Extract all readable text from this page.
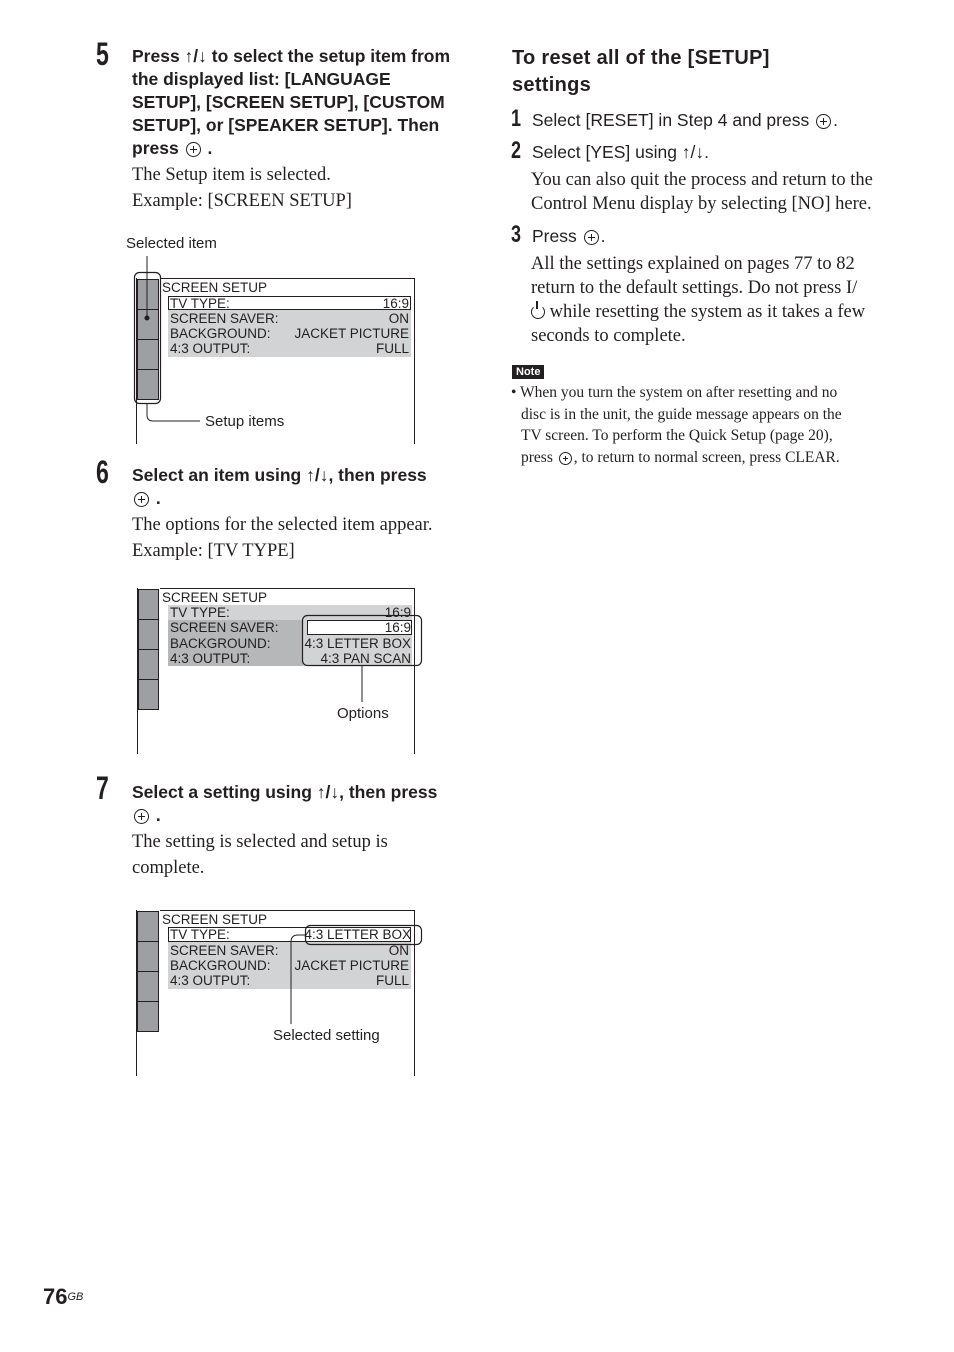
5 Press ↑/↓ to select the setup item from
the displayed list: [LANGUAGE
SETUP], [SCREEN SETUP], [CUSTOM
SETUP], or [SPEAKER SETUP]. Then
press  .
The Setup item is selected.
Example: [SCREEN SETUP]
Selected item
SCREEN SETUP
TV TYPE:	16:9
SCREEN SAVER:	ON
BACKGROUND:	JACKET PICTURE
4:3 OUTPUT:	FULL
Setup items
6 Select an item using ↑/↓, then press
.
The options for the selected item appear.
Example: [TV TYPE]
SCREEN SETUP
TV TYPE:	16:9
SCREEN SAVER:
BACKGROUND:
4:3 OUTPUT:
16:9
4:3 LETTER BOX
4:3 PAN SCAN
Options
7 Select a setting using ↑/↓, then press
.
The setting is selected and setup is
complete.
SCREEN SETUP
TV TYPE:	4:3 LETTER BOX
SCREEN SAVER:	ON
BACKGROUND:	JACKET PICTURE
4:3 OUTPUT:	FULL
Selected setting
To reset all of the [SETUP]
settings
1 Select [RESET] in Step 4 and press .
2 Select [YES] using ↑/↓.
You can also quit the process and return to the
Control Menu display by selecting [NO] here.
3 Press .
All the settings explained on pages 77 to 82
return to the default settings. Do not press I/
while resetting the system as it takes a few
seconds to complete.
Note
• When you turn the system on after resetting and no
disc is in the unit, the guide message appears on the
TV screen. To perform the Quick Setup (page 20),
press , to return to normal screen, press CLEAR.
$76^{GB}$
